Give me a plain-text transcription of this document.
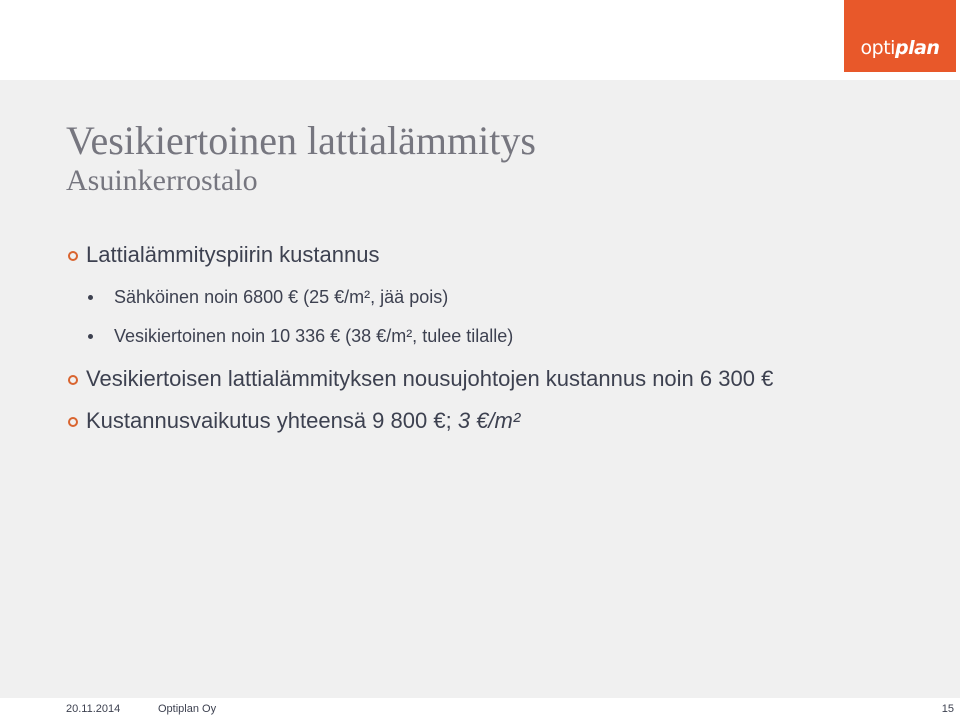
optiplan
Vesikiertoinen lattialämmitys
Asuinkerrostalo
Lattialämmityspiirin kustannus
Sähköinen noin 6800 € (25 €/m², jää pois)
Vesikiertoinen noin 10 336 € (38 €/m², tulee tilalle)
Vesikiertoisen lattialämmityksen nousujohtojen kustannus noin 6 300 €
Kustannusvaikutus yhteensä 9 800 €; 3 €/m²
20.11.2014	Optiplan Oy	15
